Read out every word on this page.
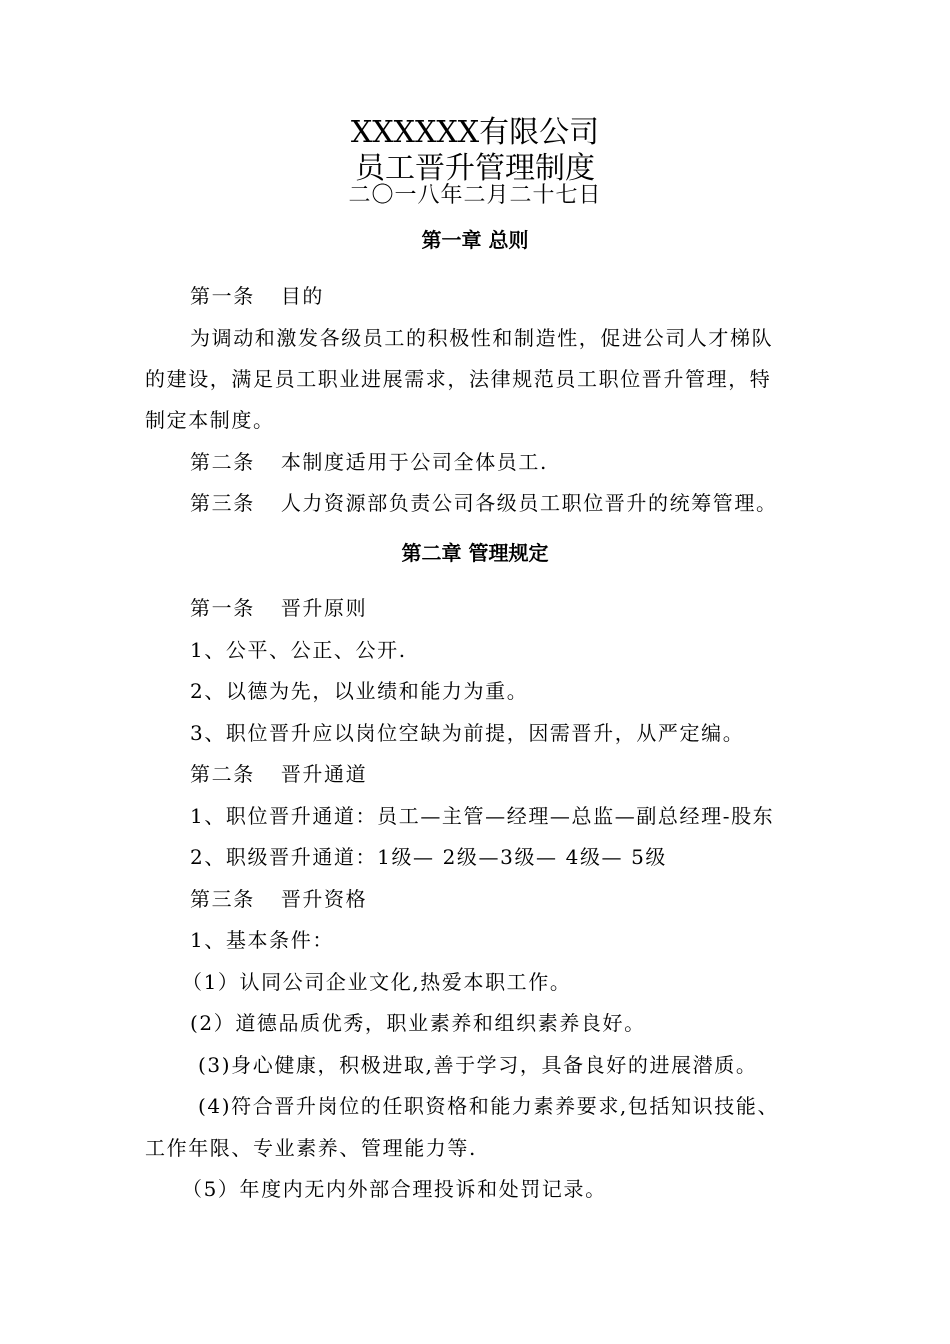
XXXXXX有限公司
员工晋升管理制度
二〇一八年二月二十七日
第一章 总则
第一条 目的
为调动和激发各级员工的积极性和制造性，促进公司人才梯队
的建设，满足员工职业进展需求，法律规范员工职位晋升管理，特
制定本制度。
第二条 本制度适用于公司全体员工.
第三条 人力资源部负责公司各级员工职位晋升的统筹管理。
第二章 管理规定
第一条 晋升原则
1、公平、公正、公开.
2、以德为先，以业绩和能力为重。
3、职位晋升应以岗位空缺为前提，因需晋升，从严定编。
第二条 晋升通道
1、职位晋升通道：员工—主管—经理—总监—副总经理-股东
2、职级晋升通道：1级— 2级—3级— 4级— 5级
第三条 晋升资格
1、基本条件：
（1）认同公司企业文化,热爱本职工作。
(2）道德品质优秀，职业素养和组织素养良好。
(3)身心健康，积极进取,善于学习，具备良好的进展潜质。
(4)符合晋升岗位的任职资格和能力素养要求,包括知识技能、
工作年限、专业素养、管理能力等.
（5）年度内无内外部合理投诉和处罚记录。
